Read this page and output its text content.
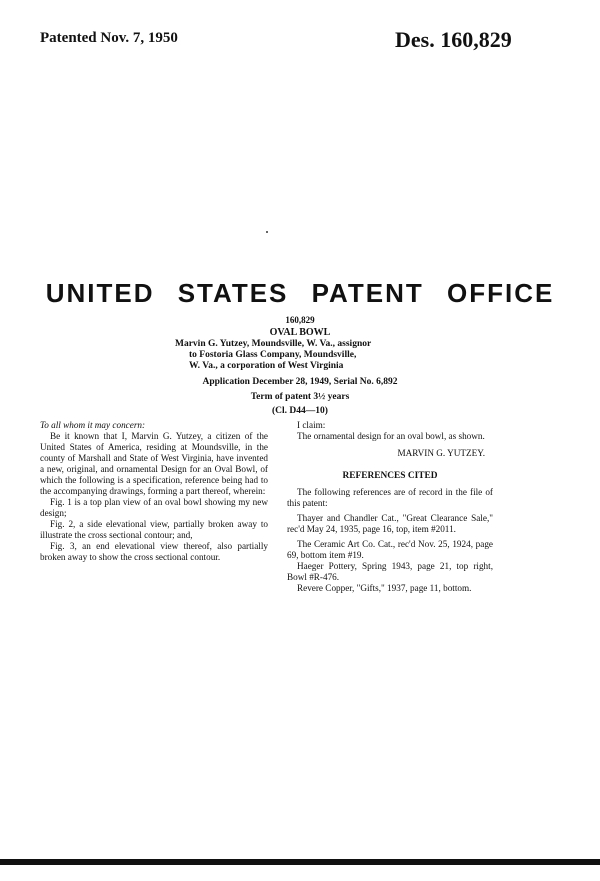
Patented Nov. 7, 1950	Des. 160,829
UNITED STATES PATENT OFFICE
160,829
OVAL BOWL
Marvin G. Yutzey, Moundsville, W. Va., assignor
to Fostoria Glass Company, Moundsville,
W. Va., a corporation of West Virginia
Application December 28, 1949, Serial No. 6,892
Term of patent 3½ years
(Cl. D44—10)

To all whom it may concern:

Be it known that I, Marvin G. Yutzey, a citizen of the United States of America, residing at Moundsville, in the county of Marshall and State of West Virginia, have invented a new, original, and ornamental Design for an Oval Bowl, of which the following is a specification, reference being had to the accompanying drawings, forming a part thereof, wherein:

Fig. 1 is a top plan view of an oval bowl showing my new design;

Fig. 2, a side elevational view, partially broken away to illustrate the cross sectional contour; and,

Fig. 3, an end elevational view thereof, also partially broken away to show the cross sectional contour.

I claim:

The ornamental design for an oval bowl, as shown.

MARVIN G. YUTZEY.

REFERENCES CITED

The following references are of record in the file of this patent:

Thayer and Chandler Cat., "Great Clearance Sale," rec'd May 24, 1935, page 16, top, item #2011.

The Ceramic Art Co. Cat., rec'd Nov. 25, 1924, page 69, bottom item #19.

Haeger Pottery, Spring 1943, page 21, top right, Bowl #R-476.

Revere Copper, "Gifts," 1937, page 11, bottom.
